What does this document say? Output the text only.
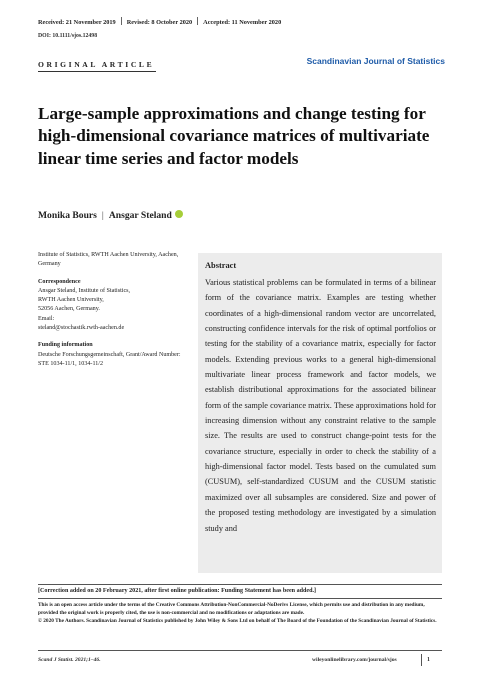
Received: 21 November 2019 Revised: 8 October 2020 Accepted: 11 November 2020
DOI: 10.1111/sjos.12498
ORIGINAL ARTICLE	Scandinavian Journal of Statistics
Large-sample approximations and change testing for high-dimensional covariance matrices of multivariate linear time series and factor models
Monika Bours | Ansgar Steland
Institute of Statistics, RWTH Aachen University, Aachen, Germany
Correspondence
Ansgar Steland, Institute of Statistics,
RWTH Aachen University,
52056 Aachen, Germany.
Email:
steland@stochastik.rwth-aachen.de
Funding information
Deutsche Forschungsgemeinschaft, Grant/Award Number: STE 1034-11/1, 1034-11/2
Abstract
Various statistical problems can be formulated in terms of a bilinear form of the covariance matrix. Examples are testing whether coordinates of a high-dimensional random vector are uncorrelated, constructing confidence intervals for the risk of optimal portfolios or testing for the stability of a covariance matrix, especially for factor models. Extending previous works to a general high-dimensional multivariate linear process framework and factor models, we establish distributional approximations for the associated bilinear form of the sample covariance matrix. These approximations hold for increasing dimension without any constraint relative to the sample size. The results are used to construct change-point tests for the covariance structure, especially in order to check the stability of a high-dimensional factor model. Tests based on the cumulated sum (CUSUM), self-standardized CUSUM and the CUSUM statistic maximized over all subsamples are considered. Size and power of the proposed testing methodology are investigated by a simulation study and
[Correction added on 20 February 2021, after first online publication: Funding Statement has been added.]
This is an open access article under the terms of the Creative Commons Attribution-NonCommercial-NoDerivs License, which permits use and distribution in any medium, provided the original work is properly cited, the use is non-commercial and no modifications or adaptations are made.
© 2020 The Authors. Scandinavian Journal of Statistics published by John Wiley & Sons Ltd on behalf of The Board of the Foundation of the Scandinavian Journal of Statistics.
Scand J Statist. 2021;1–46.	wileyonlinelibrary.com/journal/sjos	1
